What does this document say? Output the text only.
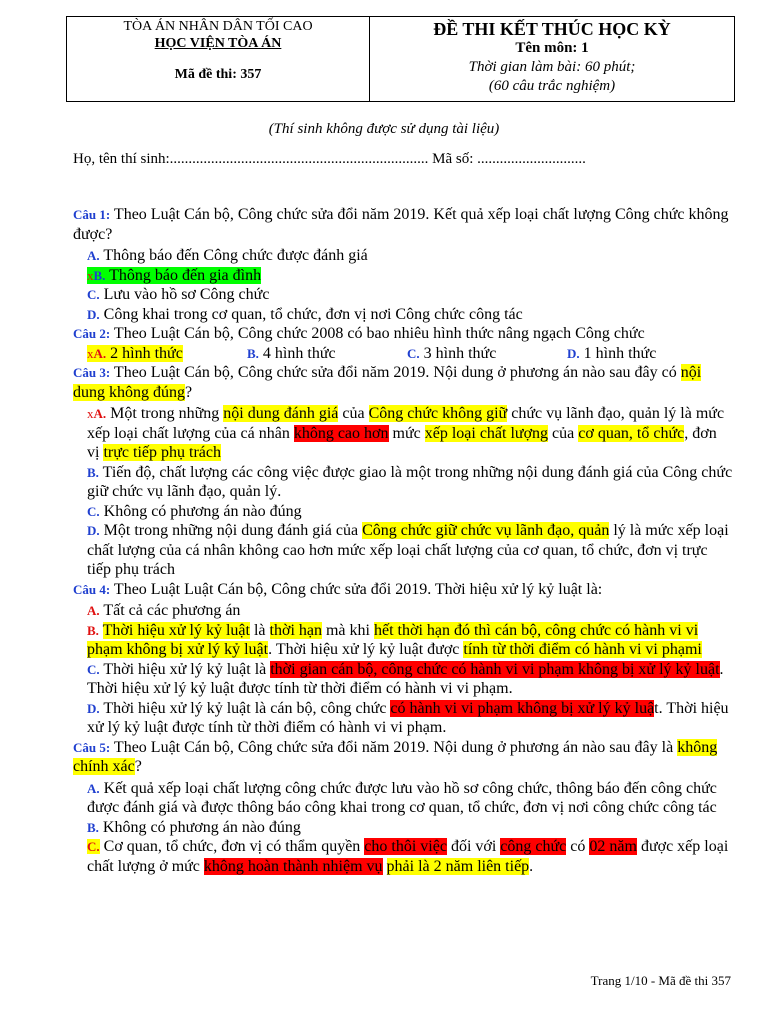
TÒA ÁN NHÂN DÂN TỐI CAO
HỌC VIỆN TÒA ÁN
Mã đề thi: 357
ĐỀ THI KẾT THÚC HỌC KỲ
Tên môn: 1
Thời gian làm bài: 60 phút;
(60 câu trắc nghiệm)
(Thí sinh không được sử dụng tài liệu)
Họ, tên thí sinh:..................................................................... Mã số: .............................

Câu 1: Theo Luật Cán bộ, Công chức sửa đổi năm 2019. Kết quả xếp loại chất lượng Công chức không được?

A. Thông báo đến Công chức được đánh giá

xB. Thông báo đến gia đình

C. Lưu vào hồ sơ Công chức

D. Công khai trong cơ quan, tổ chức, đơn vị nơi Công chức công tác

Câu 2: Theo Luật Cán bộ, Công chức 2008 có bao nhiêu hình thức nâng ngạch Công chức

xA. 2 hình thức	B. 4 hình thức	C. 3 hình thức	D. 1 hình thức

Câu 3: Theo Luật Cán bộ, Công chức sửa đổi năm 2019. Nội dung ở phương án nào sau đây có nội dung không đúng?

xA. Một trong những nội dung đánh giá của Công chức không giữ chức vụ lãnh đạo, quản lý là mức xếp loại chất lượng của cá nhân không cao hơn mức xếp loại chất lượng của cơ quan, tổ chức, đơn vị trực tiếp phụ trách

B. Tiến độ, chất lượng các công việc được giao là một trong những nội dung đánh giá của Công chức giữ chức vụ lãnh đạo, quản lý.

C. Không có phương án nào đúng

D. Một trong những nội dung đánh giá của Công chức giữ chức vụ lãnh đạo, quản lý là mức xếp loại chất lượng của cá nhân không cao hơn mức xếp loại chất lượng của cơ quan, tổ chức, đơn vị trực tiếp phụ trách

Câu 4: Theo Luật Luật Cán bộ, Công chức sửa đổi 2019. Thời hiệu xử lý kỷ luật là:

A. Tất cả các phương án

B. Thời hiệu xử lý kỷ luật là thời hạn mà khi hết thời hạn đó thì cán bộ, công chức có hành vi vi phạm không bị xử lý kỷ luật. Thời hiệu xử lý kỷ luật được tính từ thời điểm có hành vi vi phạmi

C. Thời hiệu xử lý kỷ luật là thời gian cán bộ, công chức có hành vi vi phạm không bị xử lý kỷ luật. Thời hiệu xử lý kỷ luật được tính từ thời điểm có hành vi vi phạm.

D. Thời hiệu xử lý kỷ luật là cán bộ, công chức có hành vi vi phạm không bị xử lý kỷ luật. Thời hiệu xử lý kỷ luật được tính từ thời điểm có hành vi vi phạm.

Câu 5: Theo Luật Cán bộ, Công chức sửa đổi năm 2019. Nội dung ở phương án nào sau đây là không chính xác?

A. Kết quả xếp loại chất lượng công chức được lưu vào hồ sơ công chức, thông báo đến công chức được đánh giá và được thông báo công khai trong cơ quan, tổ chức, đơn vị nơi công chức công tác

B. Không có phương án nào đúng

C. Cơ quan, tổ chức, đơn vị có thẩm quyền cho thôi việc đối với công chức có 02 năm được xếp loại chất lượng ở mức không hoàn thành nhiệm vụ phải là 2 năm liên tiếp.

Trang 1/10 - Mã đề thi 357
